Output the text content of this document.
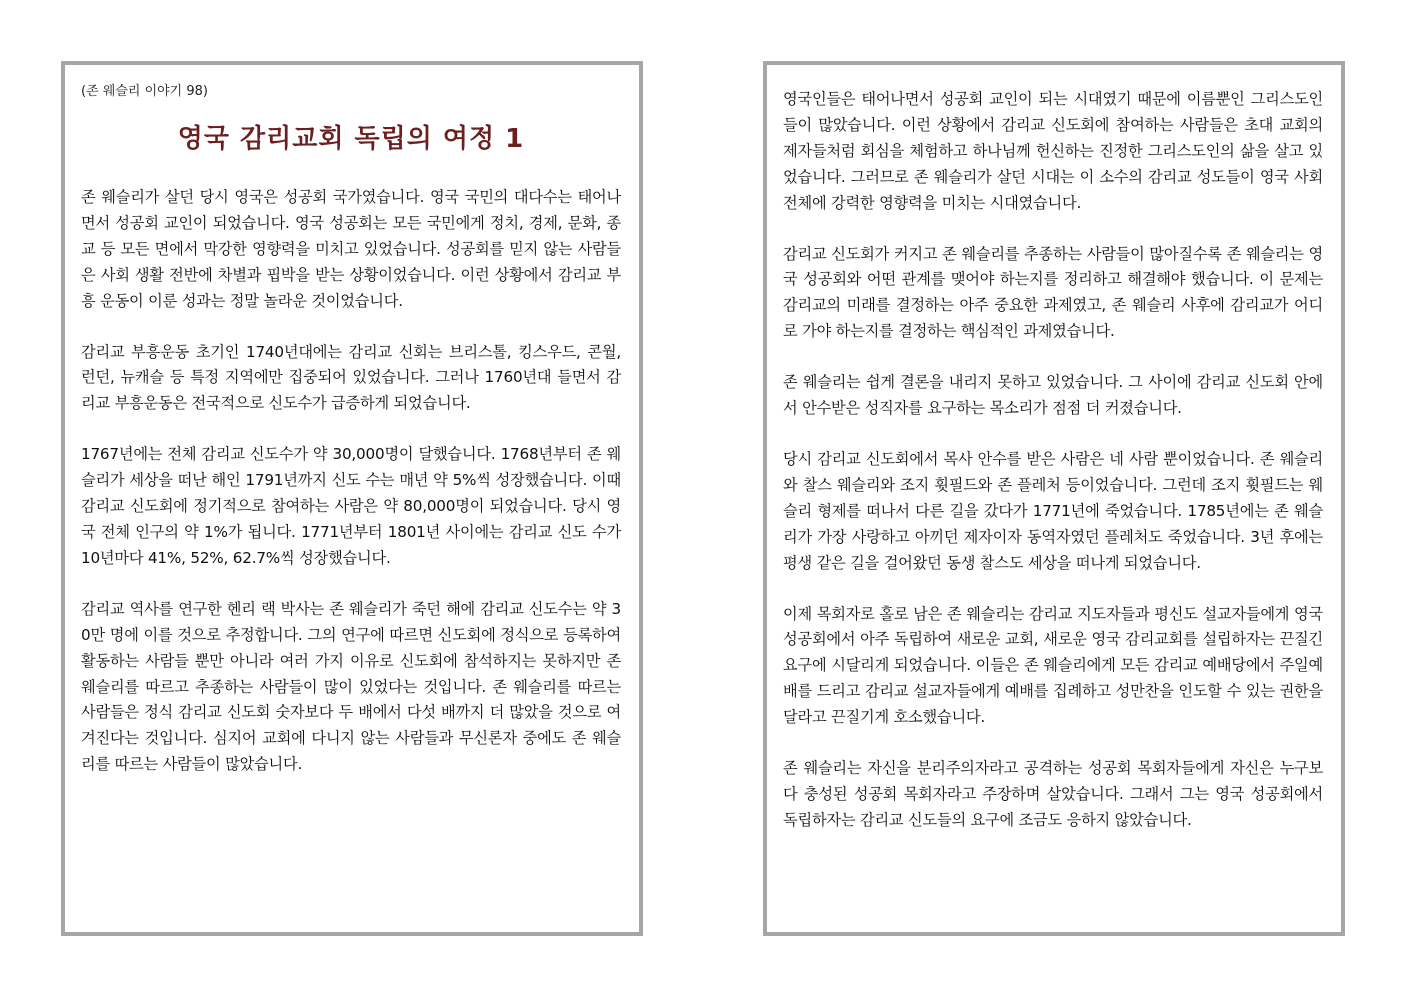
(존 웨슬리 이야기 98)
영국 감리교회 독립의 여정 1

존 웨슬리가 살던 당시 영국은 성공회 국가였습니다. 영국 국민의 대다수는 태어나면서 성공회 교인이 되었습니다. 영국 성공회는 모든 국민에게 정치, 경제, 문화, 종교 등 모든 면에서 막강한 영향력을 미치고 있었습니다. 성공회를 믿지 않는 사람들은 사회 생활 전반에 차별과 핍박을 받는 상황이었습니다. 이런 상황에서 감리교 부흥 운동이 이룬 성과는 정말 놀라운 것이었습니다.

감리교 부흥운동 초기인 1740년대에는 감리교 신회는 브리스톨, 킹스우드, 콘월, 런던, 뉴캐슬 등 특정 지역에만 집중되어 있었습니다. 그러나 1760년대 들면서 감리교 부흥운동은 전국적으로 신도수가 급증하게 되었습니다.

1767년에는 전체 감리교 신도수가 약 30,000명이 달했습니다. 1768년부터 존 웨슬리가 세상을 떠난 해인 1791년까지 신도 수는 매년 약 5%씩 성장했습니다. 이때 감리교 신도회에 정기적으로 참여하는 사람은 약 80,000명이 되었습니다. 당시 영국 전체 인구의 약 1%가 됩니다. 1771년부터 1801년 사이에는 감리교 신도 수가 10년마다 41%, 52%, 62.7%씩 성장했습니다.

감리교 역사를 연구한 헨리 랙 박사는 존 웨슬리가 죽던 해에 감리교 신도수는 약 30만 명에 이를 것으로 추정합니다. 그의 연구에 따르면 신도회에 정식으로 등록하여 활동하는 사람들 뿐만 아니라 여러 가지 이유로 신도회에 참석하지는 못하지만 존 웨슬리를 따르고 추종하는 사람들이 많이 있었다는 것입니다. 존 웨슬리를 따르는 사람들은 정식 감리교 신도회 숫자보다 두 배에서 다섯 배까지 더 많았을 것으로 여겨진다는 것입니다. 심지어 교회에 다니지 않는 사람들과 무신론자 중에도 존 웨슬리를 따르는 사람들이 많았습니다.

영국인들은 태어나면서 성공회 교인이 되는 시대였기 때문에 이름뿐인 그리스도인들이 많았습니다. 이런 상황에서 감리교 신도회에 참여하는 사람들은 초대 교회의 제자들처럼 회심을 체험하고 하나님께 헌신하는 진정한 그리스도인의 삶을 살고 있었습니다. 그러므로 존 웨슬리가 살던 시대는 이 소수의 감리교 성도들이 영국 사회 전체에 강력한 영향력을 미치는 시대였습니다.

감리교 신도회가 커지고 존 웨슬리를 추종하는 사람들이 많아질수록 존 웨슬리는 영국 성공회와 어떤 관계를 맺어야 하는지를 정리하고 해결해야 했습니다. 이 문제는 감리교의 미래를 결정하는 아주 중요한 과제였고, 존 웨슬리 사후에 감리교가 어디로 가야 하는지를 결정하는 핵심적인 과제였습니다.

존 웨슬리는 쉽게 결론을 내리지 못하고 있었습니다. 그 사이에 감리교 신도회 안에서 안수받은 성직자를 요구하는 목소리가 점점 더 커졌습니다.

당시 감리교 신도회에서 목사 안수를 받은 사람은 네 사람 뿐이었습니다. 존 웨슬리와 찰스 웨슬리와 조지 휫필드와 존 플레처 등이었습니다. 그런데 조지 휫필드는 웨슬리 형제를 떠나서 다른 길을 갔다가 1771년에 죽었습니다. 1785년에는 존 웨슬리가 가장 사랑하고 아끼던 제자이자 동역자였던 플레처도 죽었습니다. 3년 후에는 평생 같은 길을 걸어왔던 동생 찰스도 세상을 떠나게 되었습니다.

이제 목회자로 홀로 남은 존 웨슬리는 감리교 지도자들과 평신도 설교자들에게 영국 성공회에서 아주 독립하여 새로운 교회, 새로운 영국 감리교회를 설립하자는 끈질긴 요구에 시달리게 되었습니다. 이들은 존 웨슬리에게 모든 감리교 예배당에서 주일예배를 드리고 감리교 설교자들에게 예배를 집례하고 성만찬을 인도할 수 있는 권한을 달라고 끈질기게 호소했습니다.

존 웨슬리는 자신을 분리주의자라고 공격하는 성공회 목회자들에게 자신은 누구보다 충성된 성공회 목회자라고 주장하며 살았습니다. 그래서 그는 영국 성공회에서 독립하자는 감리교 신도들의 요구에 조금도 응하지 않았습니다.
